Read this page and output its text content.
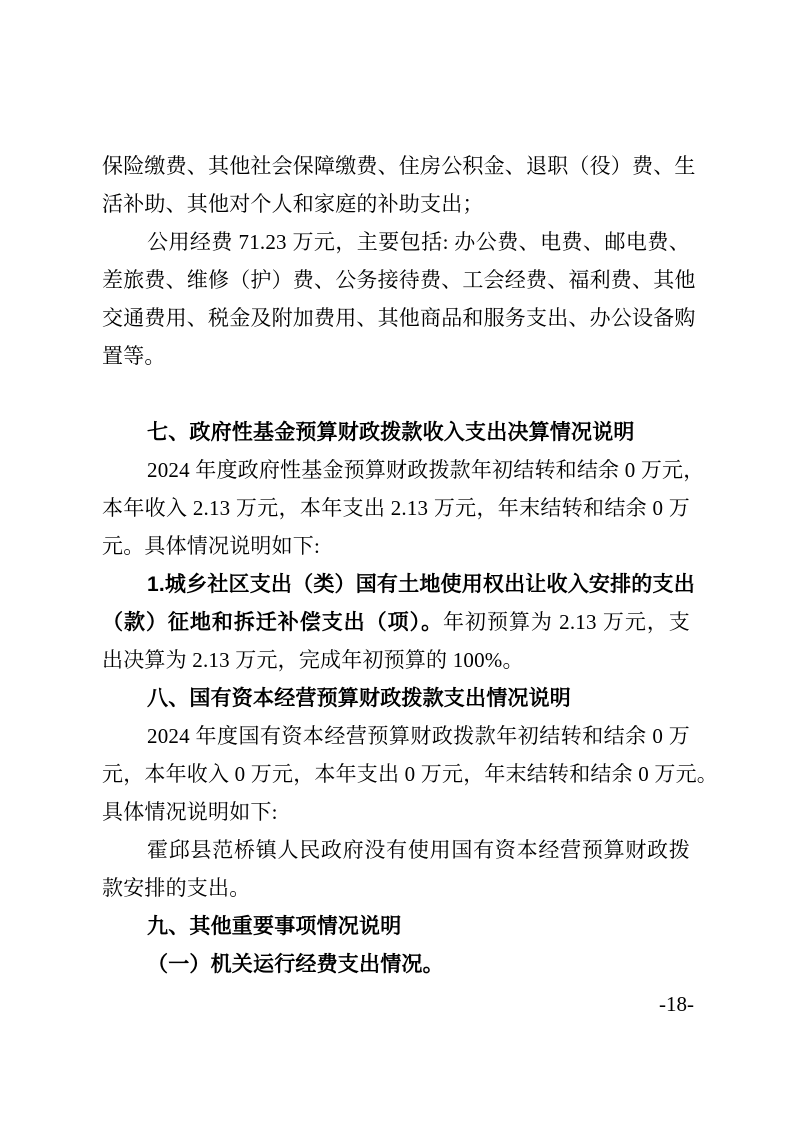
保险缴费、其他社会保障缴费、住房公积金、退职（役）费、生
活补助、其他对个人和家庭的补助支出；
公用经费 71.23 万元，主要包括: 办公费、电费、邮电费、
差旅费、维修（护）费、公务接待费、工会经费、福利费、其他
交通费用、税金及附加费用、其他商品和服务支出、办公设备购
置等。
七、政府性基金预算财政拨款收入支出决算情况说明
2024 年度政府性基金预算财政拨款年初结转和结余 0 万元，
本年收入 2.13 万元，本年支出 2.13 万元，年末结转和结余 0 万
元。具体情况说明如下:
1.城乡社区支出（类）国有土地使用权出让收入安排的支出
（款）征地和拆迁补偿支出（项）。年初预算为 2.13 万元，支
出决算为 2.13 万元，完成年初预算的 100%。
八、国有资本经营预算财政拨款支出情况说明
2024 年度国有资本经营预算财政拨款年初结转和结余 0 万
元，本年收入 0 万元，本年支出 0 万元，年末结转和结余 0 万元。
具体情况说明如下:
霍邱县范桥镇人民政府没有使用国有资本经营预算财政拨
款安排的支出。
九、其他重要事项情况说明
（一）机关运行经费支出情况。
-18-
